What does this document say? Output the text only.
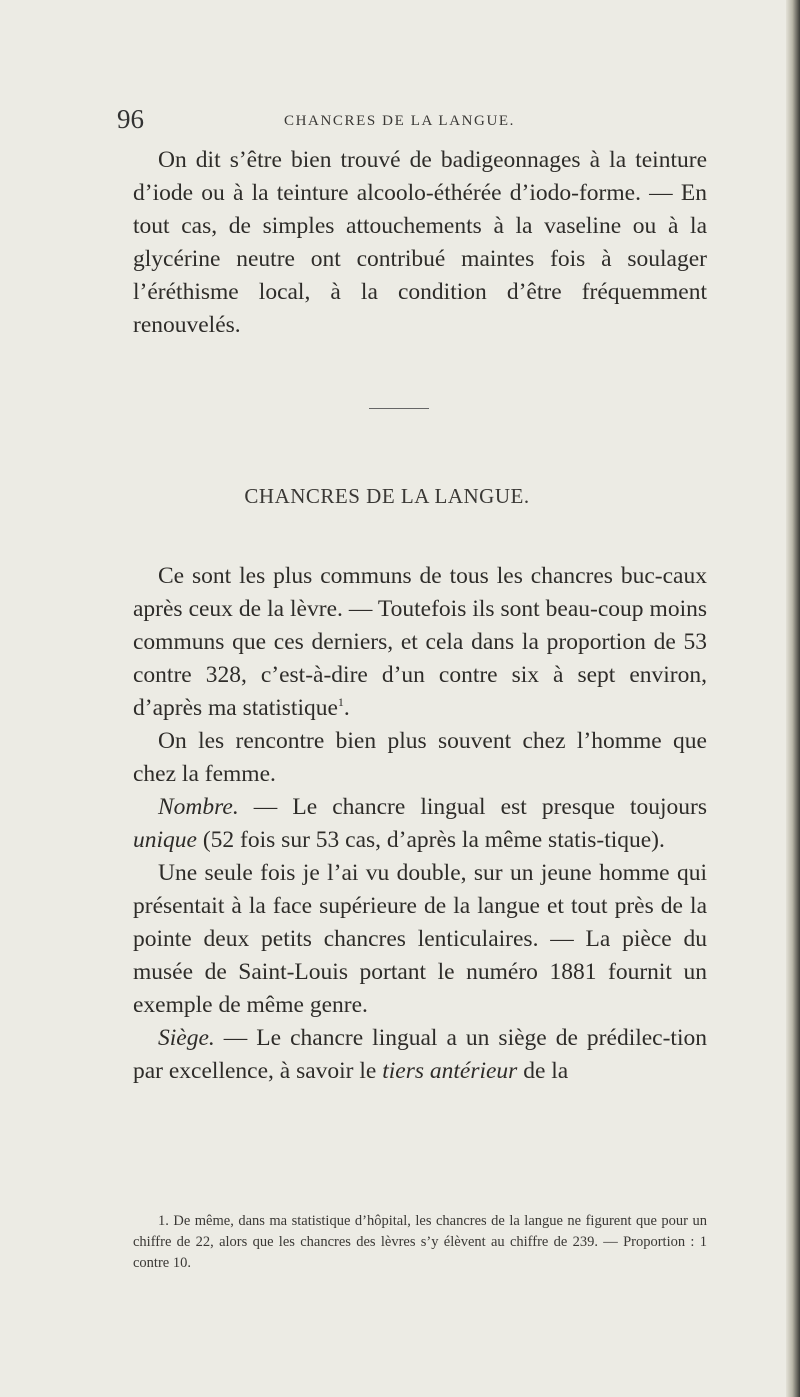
96	CHANCRES DE LA LANGUE.

On dit s’être bien trouvé de badigeonnages à la teinture d’iode ou à la teinture alcoolo-éthérée d’iodo-forme. — En tout cas, de simples attouchements à la vaseline ou à la glycérine neutre ont contribué maintes fois à soulager l’éréthisme local, à la condition d’être fréquemment renouvelés.

CHANCRES DE LA LANGUE.

Ce sont les plus communs de tous les chancres buc-caux après ceux de la lèvre. — Toutefois ils sont beau-coup moins communs que ces derniers, et cela dans la proportion de 53 contre 328, c’est-à-dire d’un contre six à sept environ, d’après ma statistique$^1$.

On les rencontre bien plus souvent chez l’homme que chez la femme.

Nombre. — Le chancre lingual est presque toujours unique (52 fois sur 53 cas, d’après la même statis-tique).

Une seule fois je l’ai vu double, sur un jeune homme qui présentait à la face supérieure de la langue et tout près de la pointe deux petits chancres lenticulaires. — La pièce du musée de Saint-Louis portant le numéro 1881 fournit un exemple de même genre.

Siège. — Le chancre lingual a un siège de prédilec-tion par excellence, à savoir le tiers antérieur de la

1. De même, dans ma statistique d’hôpital, les chancres de la langue ne figurent que pour un chiffre de 22, alors que les chancres des lèvres s’y élèvent au chiffre de 239. — Proportion : 1 contre 10.
